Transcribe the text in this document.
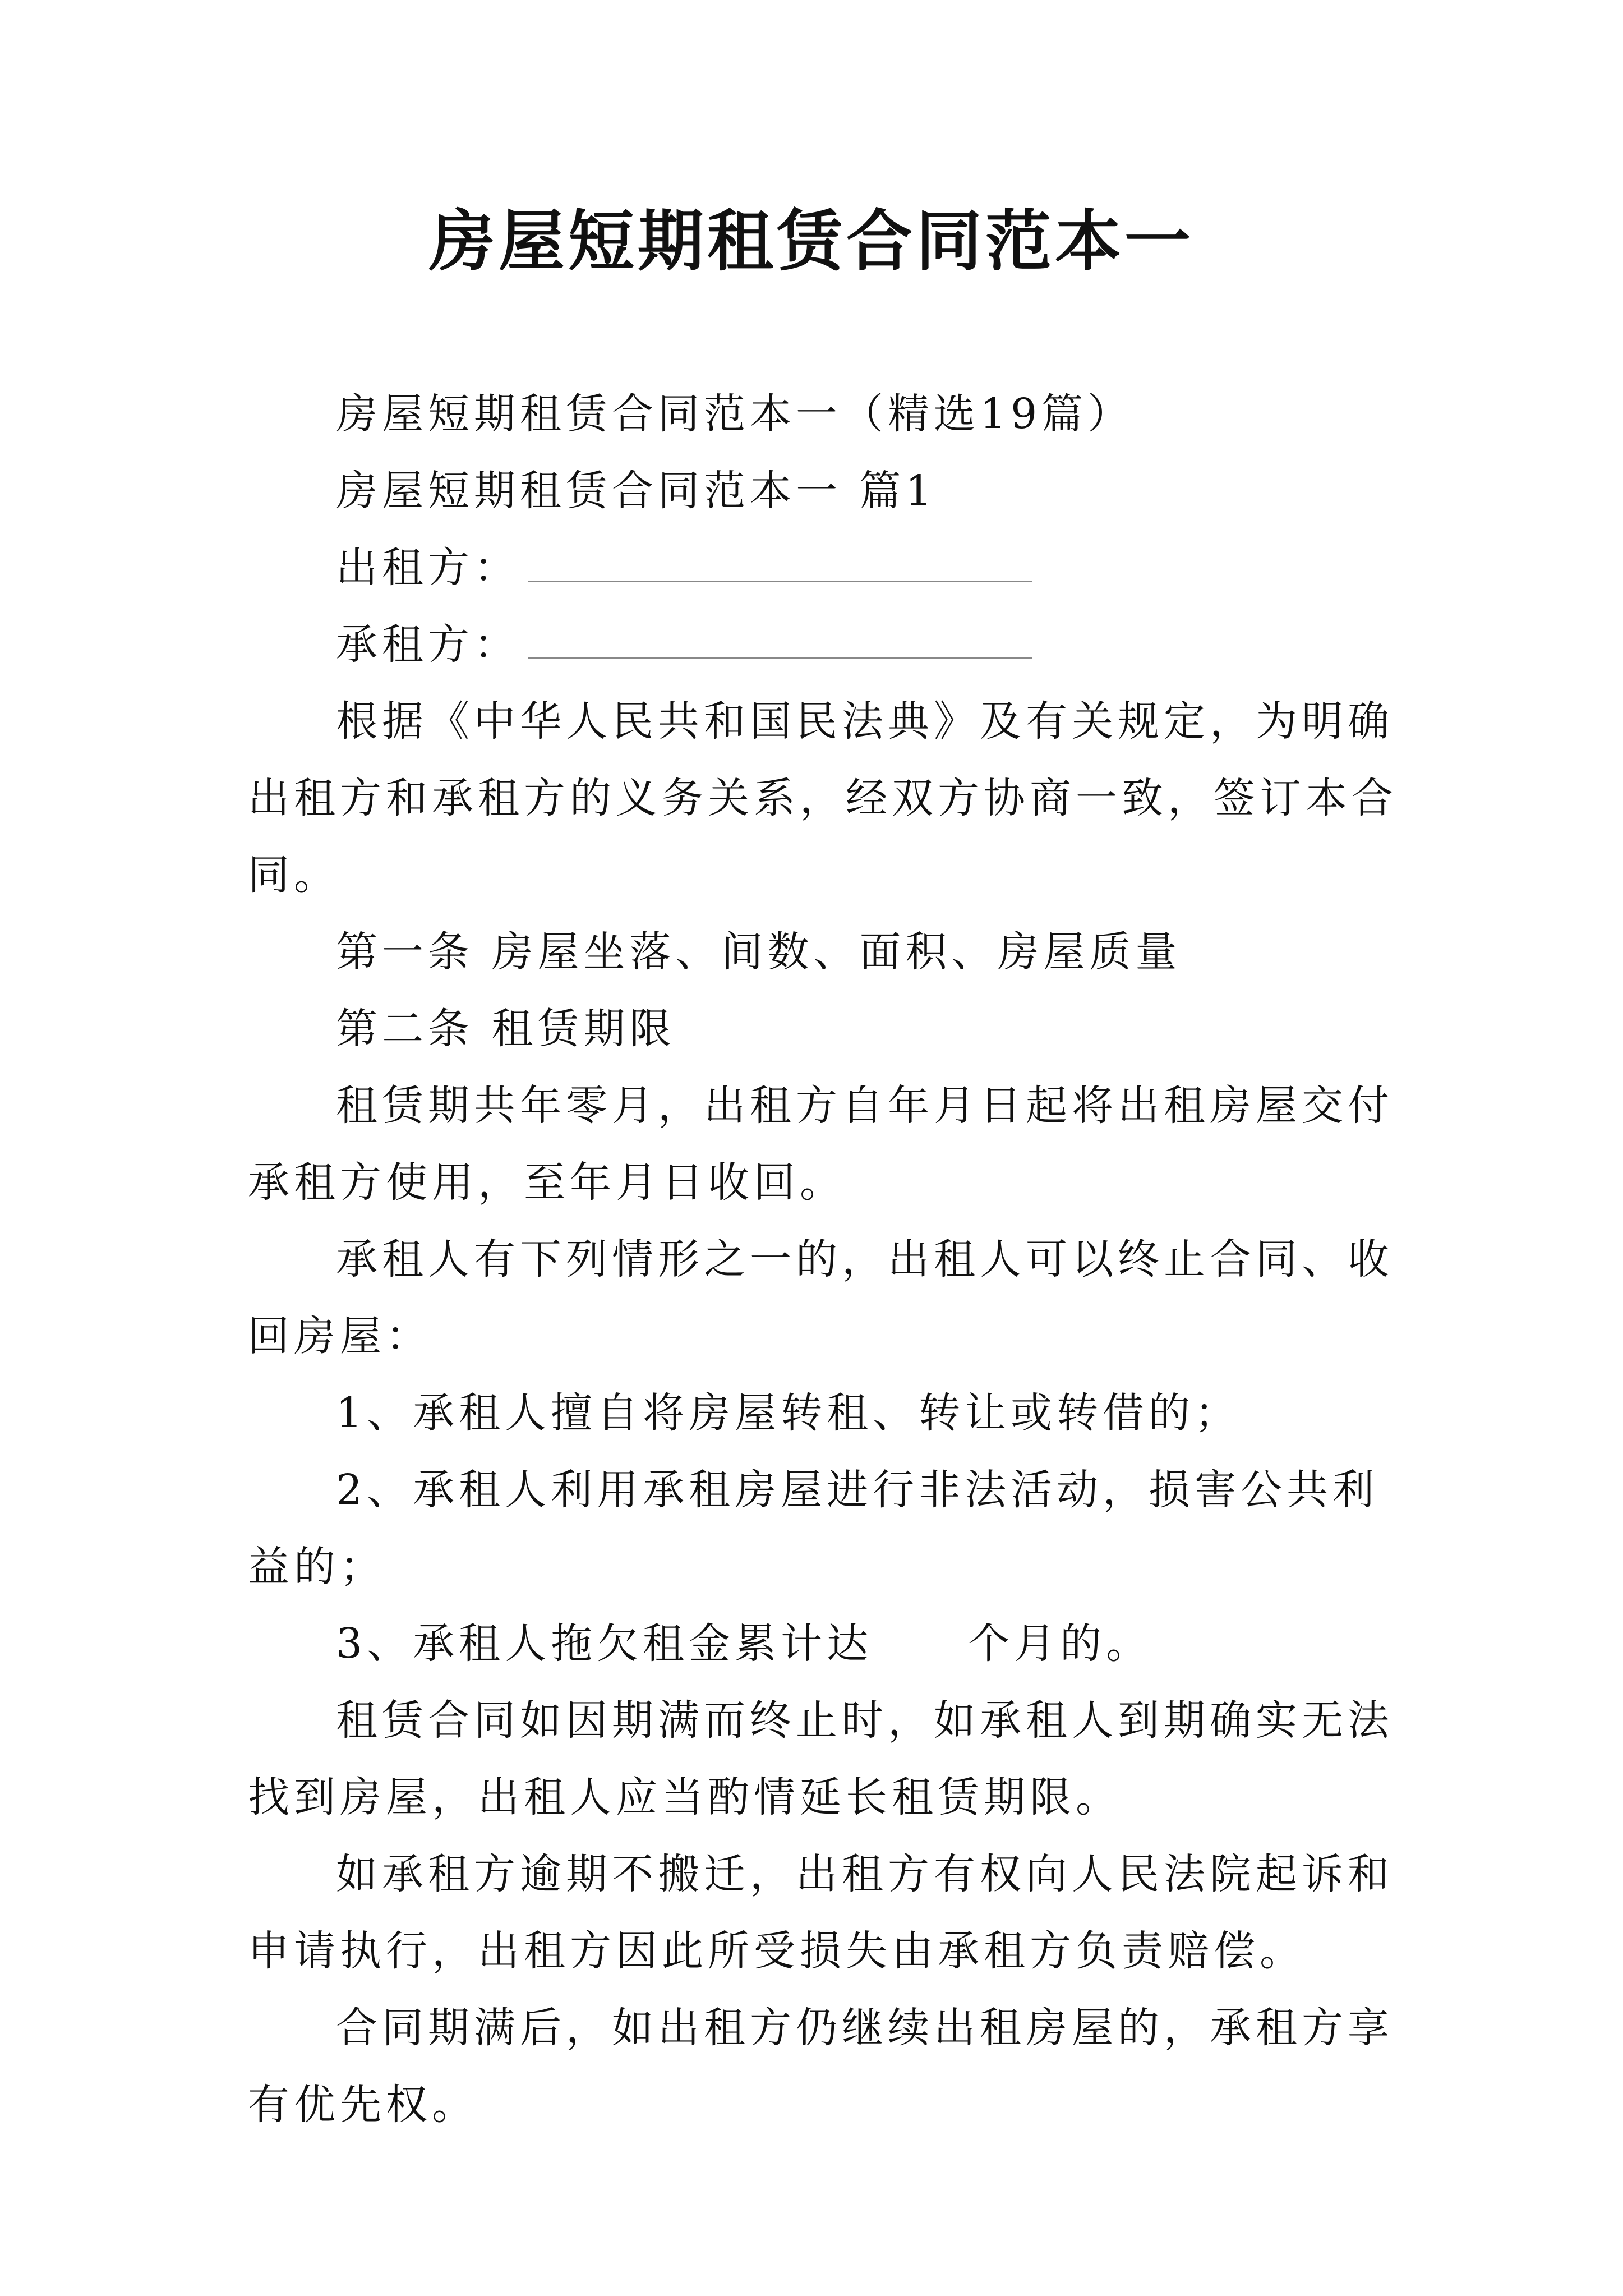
房屋短期租赁合同范本一

房屋短期租赁合同范本一（精选19篇）

房屋短期租赁合同范本一 篇1

出租方：

承租方：

根据《中华人民共和国民法典》及有关规定，为明确出租方和承租方的义务关系，经双方协商一致，签订本合同。

第一条 房屋坐落、间数、面积、房屋质量

第二条 租赁期限

租赁期共年零月，出租方自年月日起将出租房屋交付承租方使用，至年月日收回。

承租人有下列情形之一的，出租人可以终止合同、收回房屋：

1、承租人擅自将房屋转租、转让或转借的；

2、承租人利用承租房屋进行非法活动，损害公共利益的；

3、承租人拖欠租金累计达 个月的。

租赁合同如因期满而终止时，如承租人到期确实无法找到房屋，出租人应当酌情延长租赁期限。

如承租方逾期不搬迁，出租方有权向人民法院起诉和申请执行，出租方因此所受损失由承租方负责赔偿。

合同期满后，如出租方仍继续出租房屋的，承租方享有优先权。
